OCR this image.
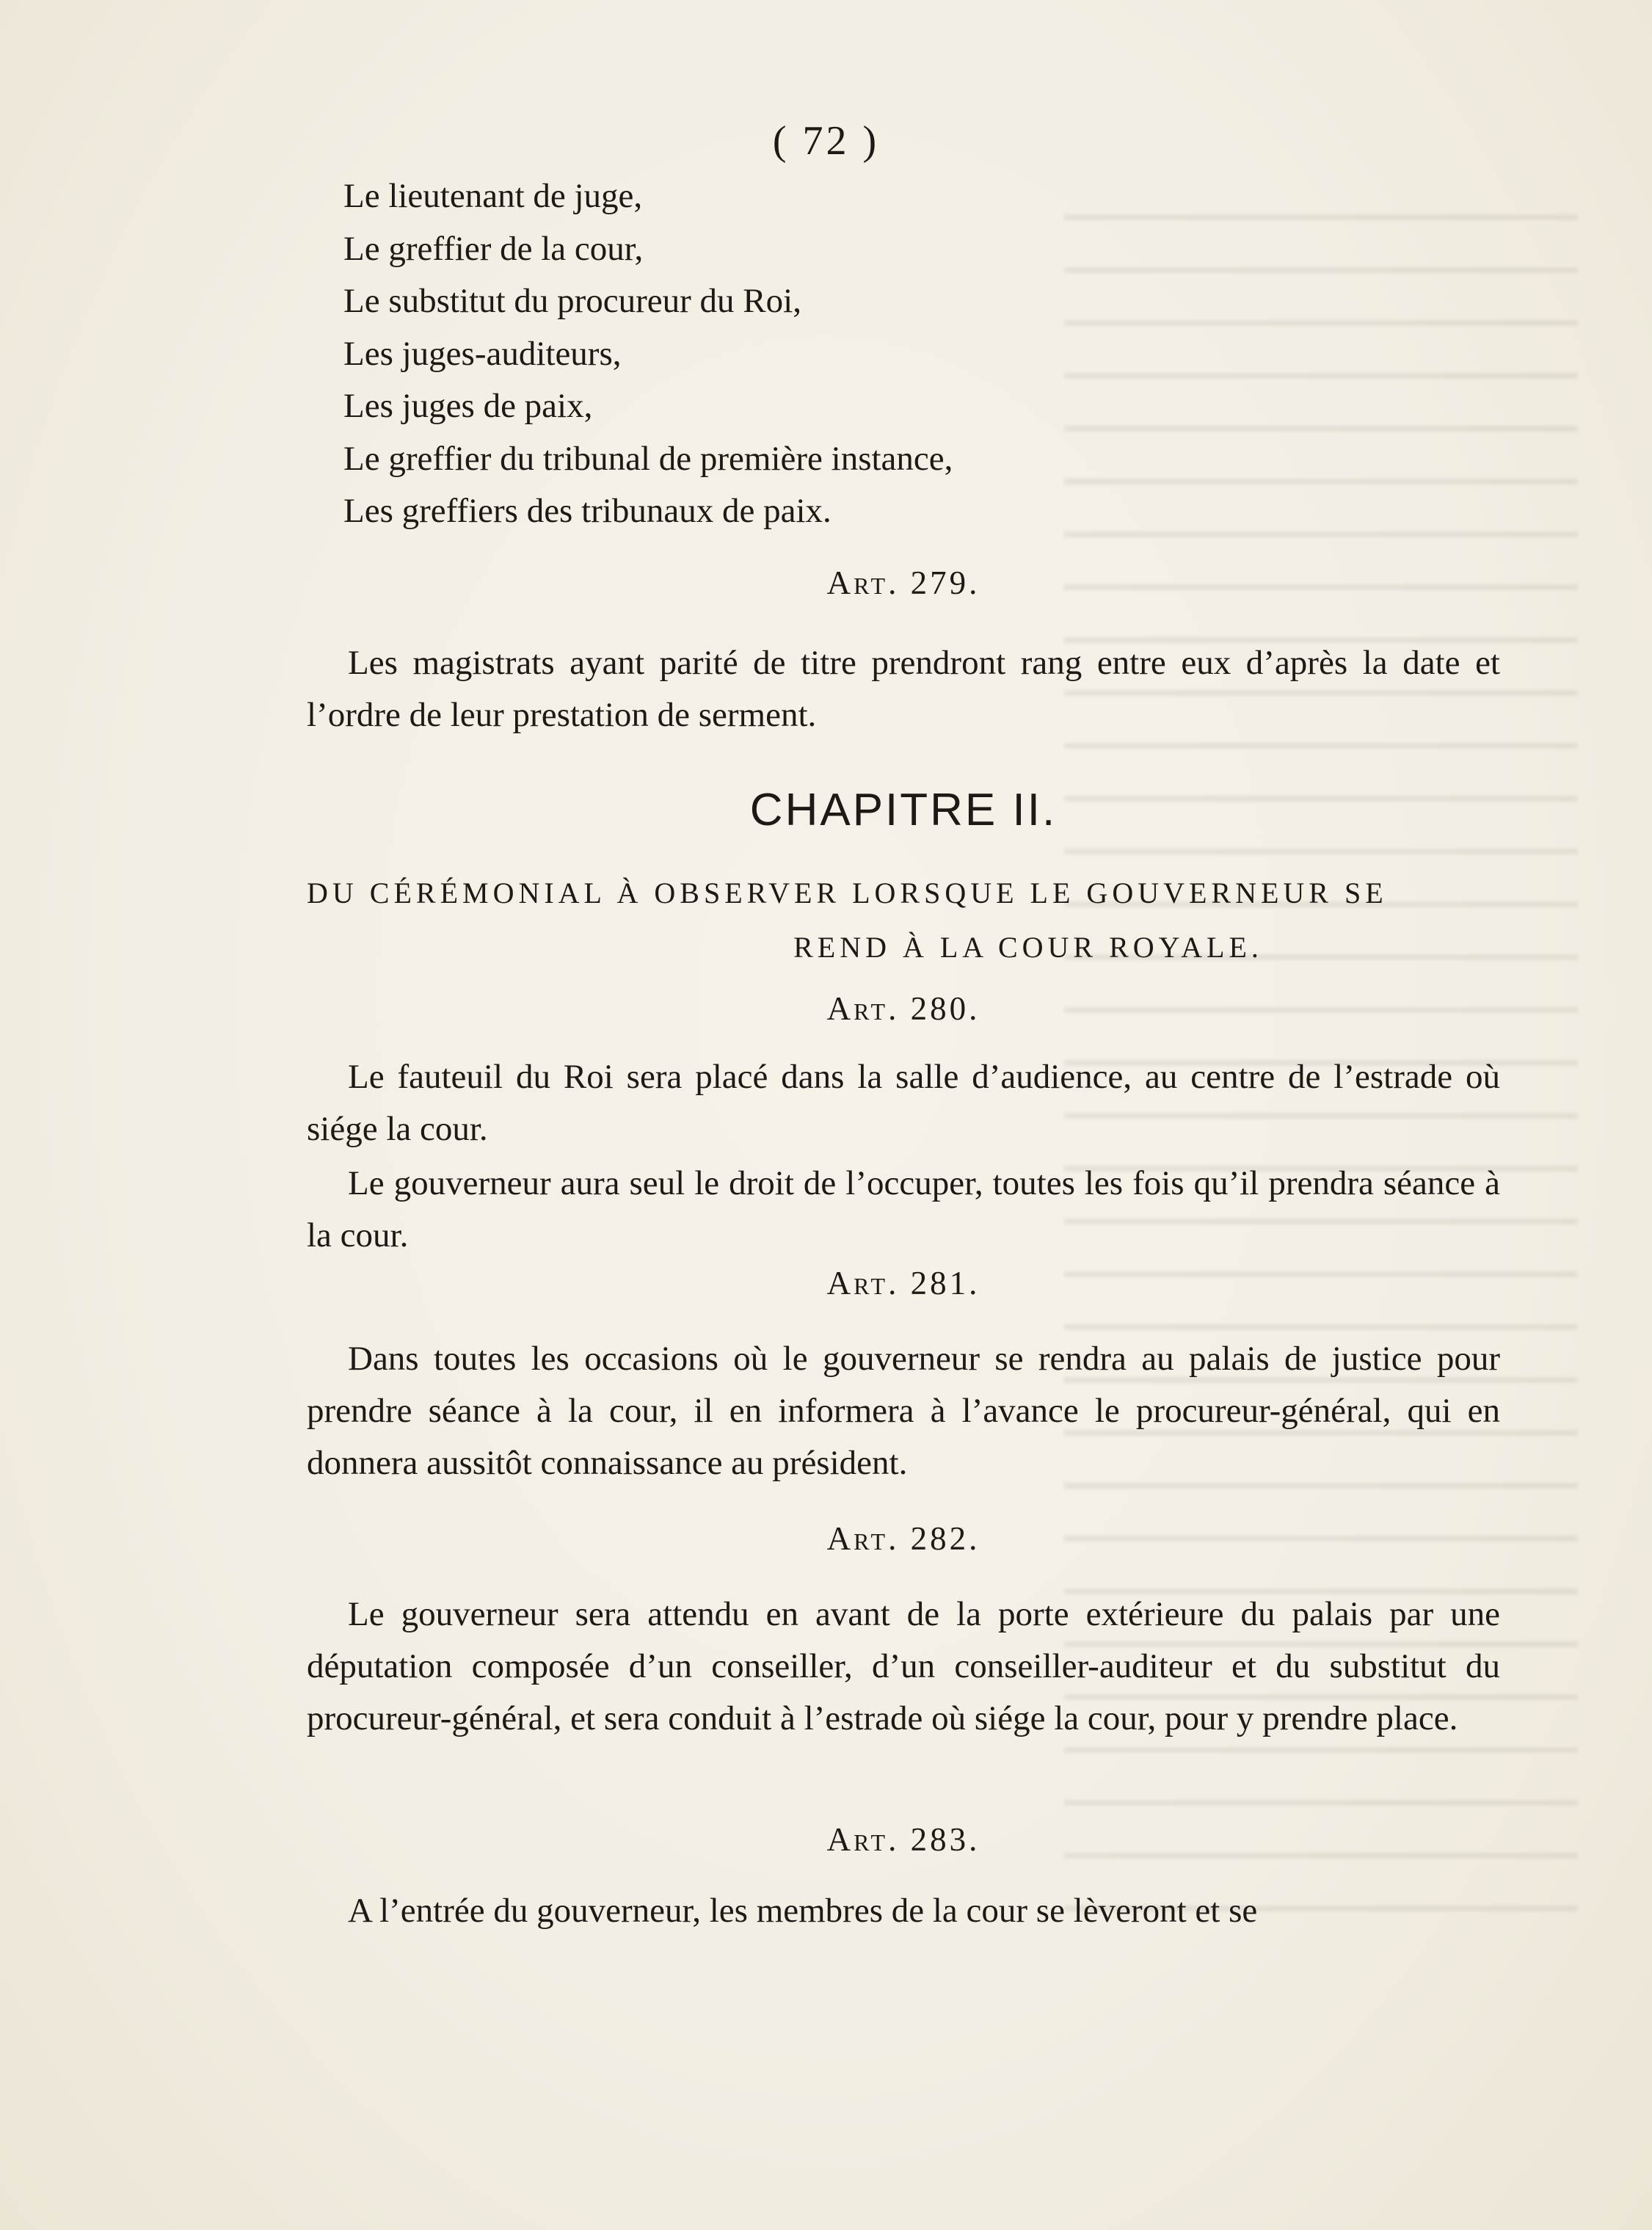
( 72 )
Le lieutenant de juge,
Le greffier de la cour,
Le substitut du procureur du Roi,
Les juges-auditeurs,
Les juges de paix,
Le greffier du tribunal de première instance,
Les greffiers des tribunaux de paix.
Art. 279.
Les magistrats ayant parité de titre prendront rang entre eux d’après la date et l’ordre de leur prestation de serment.
CHAPITRE II.
DU CÉRÉMONIAL À OBSERVER LORSQUE LE GOUVERNEUR SE
REND À LA COUR ROYALE.
Art. 280.
Le fauteuil du Roi sera placé dans la salle d’audience, au centre de l’estrade où siége la cour.
Le gouverneur aura seul le droit de l’occuper, toutes les fois qu’il prendra séance à la cour.
Art. 281.
Dans toutes les occasions où le gouverneur se rendra au palais de justice pour prendre séance à la cour, il en informera à l’avance le procureur-général, qui en donnera aussitôt connaissance au président.
Art. 282.
Le gouverneur sera attendu en avant de la porte extérieure du palais par une députation composée d’un conseiller, d’un conseiller-auditeur et du substitut du procureur-général, et sera conduit à l’estrade où siége la cour, pour y prendre place.
Art. 283.
A l’entrée du gouverneur, les membres de la cour se lèveront et se
